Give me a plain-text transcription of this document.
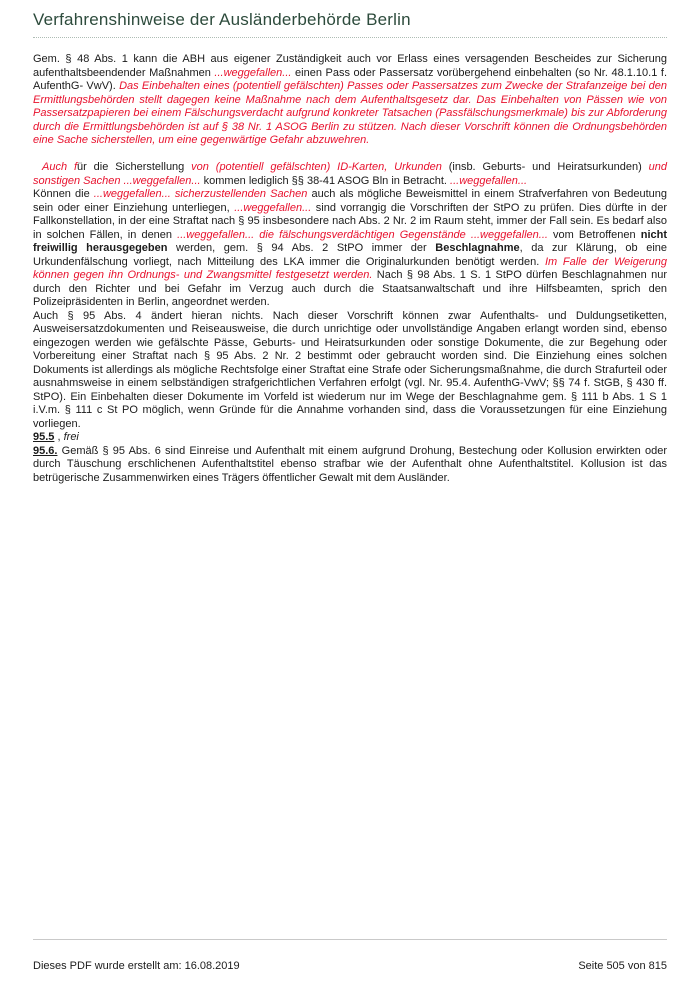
Verfahrenshinweise der Ausländerbehörde Berlin

Gem. § 48 Abs. 1 kann die ABH aus eigener Zuständigkeit auch vor Erlass eines versagenden Bescheides zur Sicherung aufenthaltsbeendender Maßnahmen ...weggefallen... einen Pass oder Passersatz vorübergehend einbehalten (so Nr. 48.1.10.1 f. AufenthG- VwV). Das Einbehalten eines (potentiell gefälschten) Passes oder Passersatzes zum Zwecke der Strafanzeige bei den Ermittlungsbehörden stellt dagegen keine Maßnahme nach dem Aufenthaltsgesetz dar. Das Einbehalten von Pässen wie von Passersatzpapieren bei einem Fälschungsverdacht aufgrund konkreter Tatsachen (Passfälschungsmerkmale) bis zur Abforderung durch die Ermittlungsbehörden ist auf § 38 Nr. 1 ASOG Berlin zu stützen. Nach dieser Vorschrift können die Ordnungsbehörden eine Sache sicherstellen, um eine gegenwärtige Gefahr abzuwehren.

Auch für die Sicherstellung von (potentiell gefälschten) ID-Karten, Urkunden (insb. Geburts- und Heiratsurkunden) und sonstigen Sachen ...weggefallen... kommen lediglich §§ 38-41 ASOG Bln in Betracht. ...weggefallen...

Können die ...weggefallen... sicherzustellenden Sachen auch als mögliche Beweismittel in einem Strafverfahren von Bedeutung sein oder einer Einziehung unterliegen, ...weggefallen... sind vorrangig die Vorschriften der StPO zu prüfen. Dies dürfte in der Fallkonstellation, in der eine Straftat nach § 95 insbesondere nach Abs. 2 Nr. 2 im Raum steht, immer der Fall sein. Es bedarf also in solchen Fällen, in denen ...weggefallen... die fälschungsverdächtigen Gegenstände ...weggefallen... vom Betroffenen nicht freiwillig herausgegeben werden, gem. § 94 Abs. 2 StPO immer der Beschlagnahme, da zur Klärung, ob eine Urkundenfälschung vorliegt, nach Mitteilung des LKA immer die Originalurkunden benötigt werden. Im Falle der Weigerung können gegen ihn Ordnungs- und Zwangsmittel festgesetzt werden. Nach § 98 Abs. 1 S. 1 StPO dürfen Beschlagnahmen nur durch den Richter und bei Gefahr im Verzug auch durch die Staatsanwaltschaft und ihre Hilfsbeamten, sprich den Polizeipräsidenten in Berlin, angeordnet werden.

Auch § 95 Abs. 4 ändert hieran nichts. Nach dieser Vorschrift können zwar Aufenthalts- und Duldungsetiketten, Ausweisersatzdokumenten und Reiseausweise, die durch unrichtige oder unvollständige Angaben erlangt worden sind, ebenso eingezogen werden wie gefälschte Pässe, Geburts- und Heiratsurkunden oder sonstige Dokumente, die zur Begehung oder Vorbereitung einer Straftat nach § 95 Abs. 2 Nr. 2 bestimmt oder gebraucht worden sind. Die Einziehung eines solchen Dokuments ist allerdings als mögliche Rechtsfolge einer Straftat eine Strafe oder Sicherungsmaßnahme, die durch Strafurteil oder ausnahmsweise in einem selbständigen strafgerichtlichen Verfahren erfolgt (vgl. Nr. 95.4. AufenthG-VwV; §§ 74 f. StGB, § 430 ff. StPO). Ein Einbehalten dieser Dokumente im Vorfeld ist wiederum nur im Wege der Beschlagnahme gem. § 111 b Abs. 1 S 1 i.V.m. § 111 c St PO möglich, wenn Gründe für die Annahme vorhanden sind, dass die Voraussetzungen für eine Einziehung vorliegen.

95.5 , frei

95.6. Gemäß § 95 Abs. 6 sind Einreise und Aufenthalt mit einem aufgrund Drohung, Bestechung oder Kollusion erwirkten oder durch Täuschung erschlichenen Aufenthaltstitel ebenso strafbar wie der Aufenthalt ohne Aufenthaltstitel. Kollusion ist das betrügerische Zusammenwirken eines Trägers öffentlicher Gewalt mit dem Ausländer.

Dieses PDF wurde erstellt am: 16.08.2019	Seite 505 von 815
